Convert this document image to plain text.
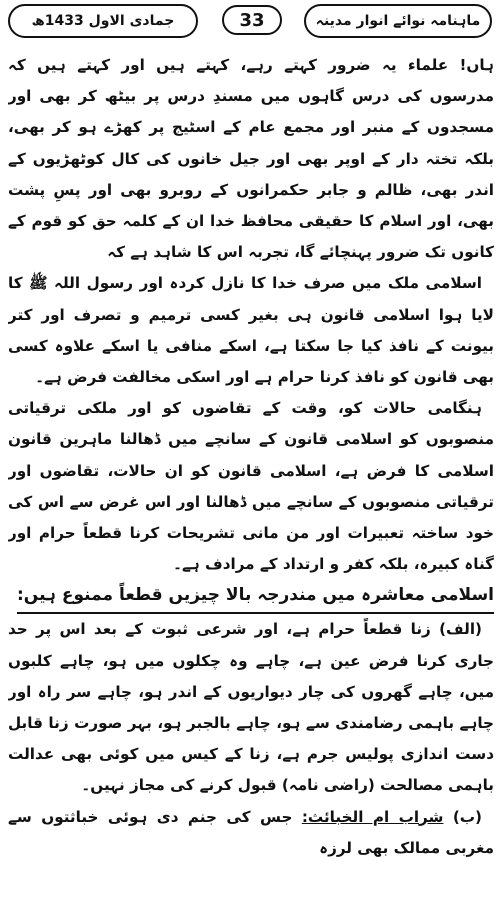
جمادی الاول 1433ھ	33	ماہنامہ نوائے انوار مدینہ

ہاں! علماء یہ ضرور کہتے رہے، کہتے ہیں اور کہتے ہیں کہ مدرسوں کی درس گاہوں میں مسندِ درس پر بیٹھ کر بھی اور مسجدوں کے منبر اور مجمع عام کے اسٹیج پر کھڑے ہو کر بھی، بلکہ تختہ دار کے اوپر بھی اور جیل خانوں کی کال کوٹھڑیوں کے اندر بھی، ظالم و جابر حکمرانوں کے روبرو بھی اور پسِ پشت بھی، اور اسلام کا حقیقی محافظ خدا ان کے کلمہ حق کو قوم کے کانوں تک ضرور پہنچائے گا، تجربہ اس کا شاہد ہے کہ

اسلامی ملک میں صرف خدا کا نازل کردہ اور رسول اللہ ﷺ کا لایا ہوا اسلامی قانون ہی بغیر کسی ترمیم و تصرف اور کتر بیونت کے نافذ کیا جا سکتا ہے، اسکے منافی یا اسکے علاوہ کسی بھی قانون کو نافذ کرنا حرام ہے اور اسکی مخالفت فرض ہے۔

ہنگامی حالات کو، وقت کے تقاضوں کو اور ملکی ترقیاتی منصوبوں کو اسلامی قانون کے سانچے میں ڈھالنا ماہرین قانون اسلامی کا فرض ہے، اسلامی قانون کو ان حالات، تقاضوں اور ترقیاتی منصوبوں کے سانچے میں ڈھالنا اور اس غرض سے اس کی خود ساختہ تعبیرات اور من مانی تشریحات کرنا قطعاً حرام اور گناہ کبیرہ، بلکہ کفر و ارتداد کے مرادف ہے۔

اسلامی معاشرہ میں مندرجہ بالا چیزیں قطعاً ممنوع ہیں:

(الف) زنا قطعاً حرام ہے، اور شرعی ثبوت کے بعد اس پر حد جاری کرنا فرض عین ہے، چاہے وہ چکلوں میں ہو، چاہے کلبوں میں، چاہے گھروں کی چار دیواریوں کے اندر ہو، چاہے سر راہ اور چاہے باہمی رضامندی سے ہو، چاہے بالجبر ہو، بہر صورت زنا قابل دست اندازی پولیس جرم ہے، زنا کے کیس میں کوئی بھی عدالت باہمی مصالحت (راضی نامہ) قبول کرنے کی مجاز نہیں۔

(ب) شراب ام الخبائث: جس کی جنم دی ہوئی خباثتوں سے مغربی ممالک بھی لرزہ
